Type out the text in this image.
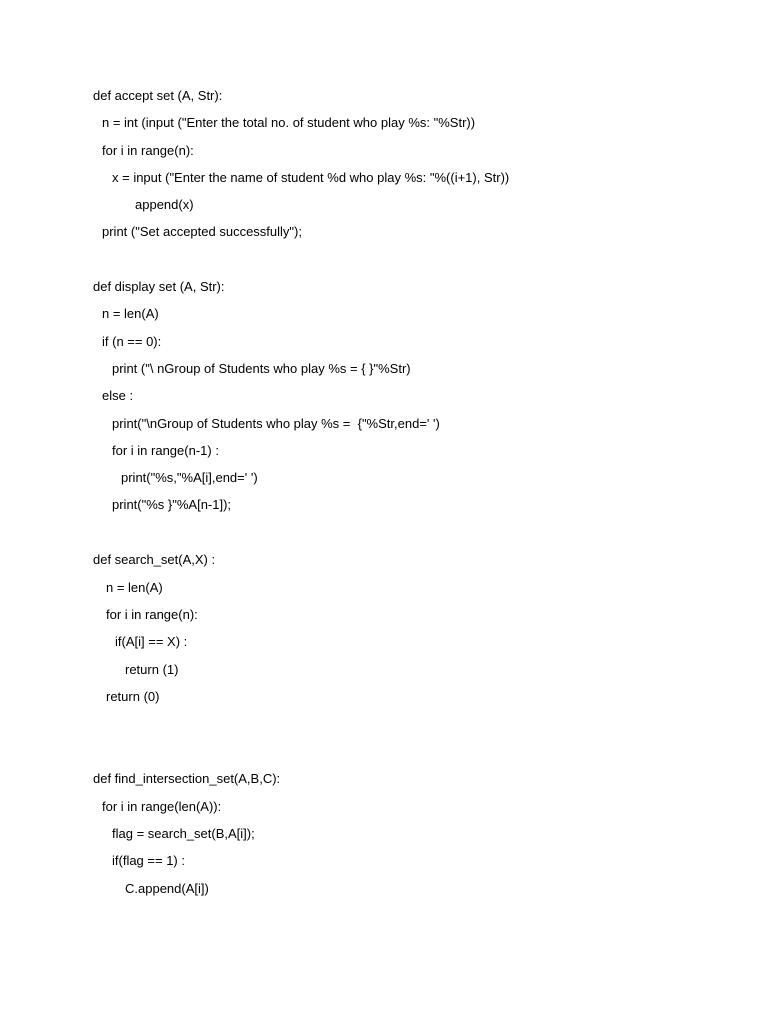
def accept set (A, Str):
n = int (input ("Enter the total no. of student who play %s: "%Str))
for i in range(n):
x = input ("Enter the name of student %d who play %s: "%((i+1), Str))
append(x)
print ("Set accepted successfully");
def display set (A, Str):
n = len(A)
if (n == 0):
print ("\ nGroup of Students who play %s = { }"%Str)
else :
print("\nGroup of Students who play %s =  {"%Str,end=' ')
for i in range(n-1) :
print("%s,"%A[i],end=' ')
print("%s }"%A[n-1]);
def search_set(A,X) :
n = len(A)
for i in range(n):
if(A[i] == X) :
return (1)
return (0)
def find_intersection_set(A,B,C):
for i in range(len(A)):
flag = search_set(B,A[i]);
if(flag == 1) :
C.append(A[i])
